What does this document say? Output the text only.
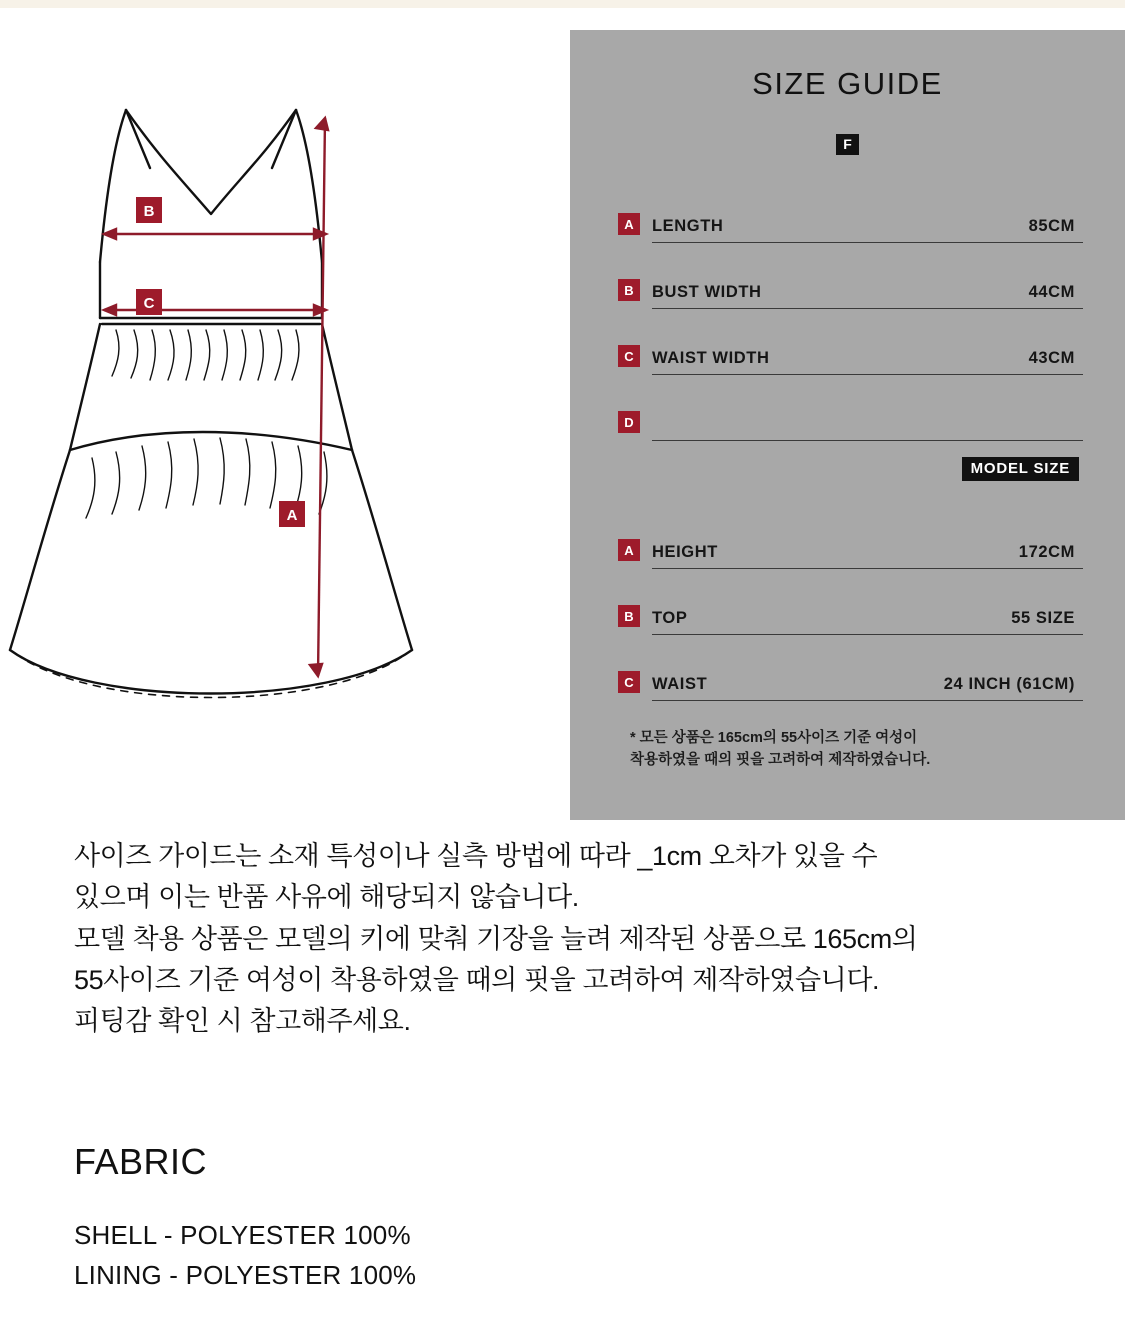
B
C
A
SIZE GUIDE
F
A	LENGTH	85CM
B	BUST WIDTH	44CM
C	WAIST WIDTH	43CM
D
MODEL SIZE
A	HEIGHT	172CM
B	TOP	55 SIZE
C	WAIST	24 INCH (61CM)
* 모든 상품은 165cm의 55사이즈 기준 여성이
착용하였을 때의 핏을 고려하여 제작하였습니다.

사이즈 가이드는 소재 특성이나 실측 방법에 따라 _1cm 오차가 있을 수

있으며 이는 반품 사유에 해당되지 않습니다.

모델 착용 상품은 모델의 키에 맞춰 기장을 늘려 제작된 상품으로 165cm의

55사이즈 기준 여성이 착용하였을 때의 핏을 고려하여 제작하였습니다.

피팅감 확인 시 참고해주세요.

FABRIC
SHELL - POLYESTER 100%
LINING - POLYESTER 100%
